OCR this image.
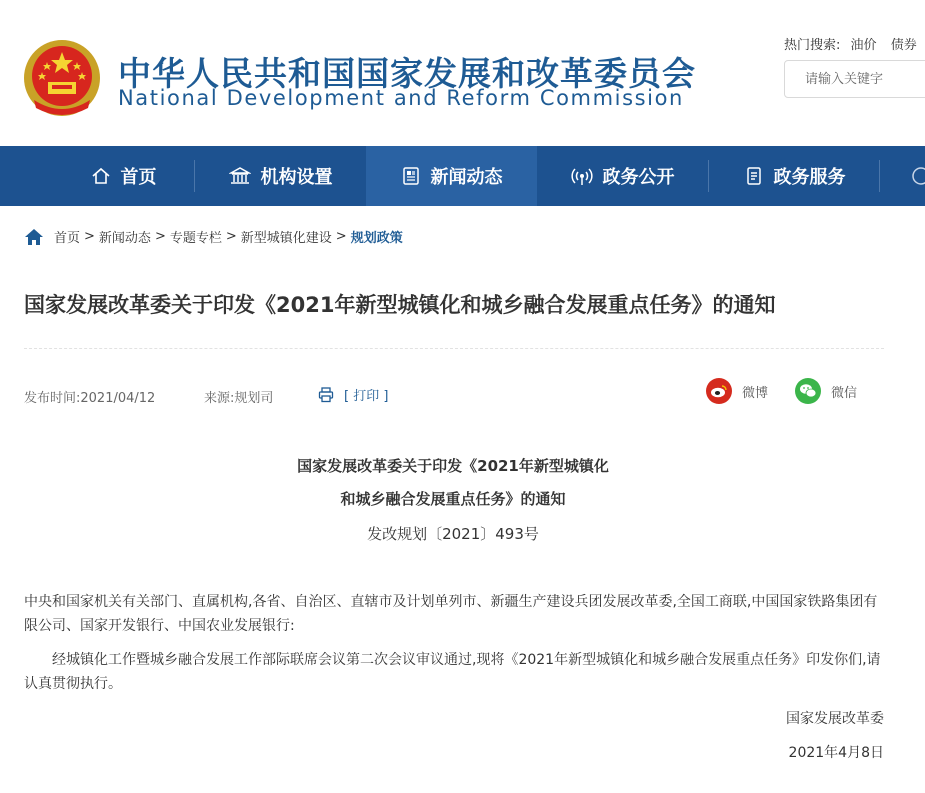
中华人民共和国国家发展和改革委员会
National Development and Reform Commission
热门搜索: 油价 债券
请输入关键字
首页	机构设置	新闻动态	政务公开	政务服务
首页 > 新闻动态 > 专题专栏 > 新型城镇化建设 > 规划政策
国家发展改革委关于印发《2021年新型城镇化和城乡融合发展重点任务》的通知
发布时间:2021/04/12	来源:规划司	[ 打印 ]	微博	微信
国家发展改革委关于印发《2021年新型城镇化
和城乡融合发展重点任务》的通知
发改规划〔2021〕493号

中央和国家机关有关部门、直属机构,各省、自治区、直辖市及计划单列市、新疆生产建设兵团发展改革委,全国工商联,中国国家铁路集团有限公司、国家开发银行、中国农业发展银行:

经城镇化工作暨城乡融合发展工作部际联席会议第二次会议审议通过,现将《2021年新型城镇化和城乡融合发展重点任务》印发你们,请认真贯彻执行。

国家发展改革委
2021年4月8日
